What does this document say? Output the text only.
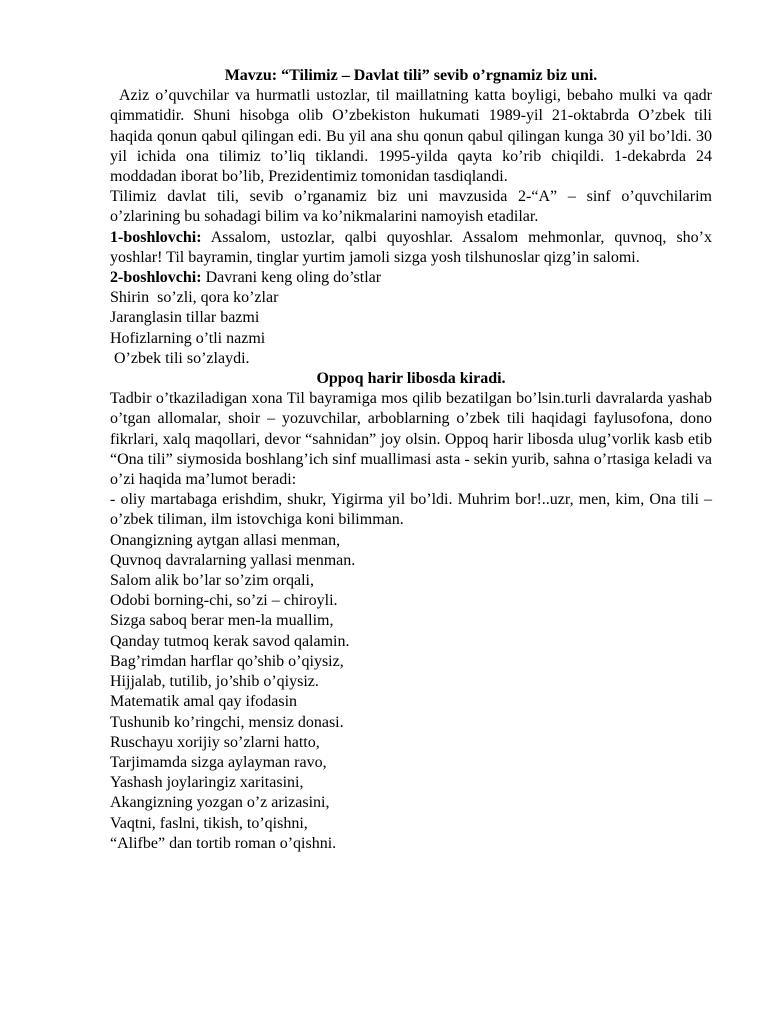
Mavzu: “Tilimiz – Davlat tili” sevib o’rgnamiz biz uni.

Aziz o’quvchilar va hurmatli ustozlar, til maillatning katta boyligi, bebaho mulki va qadr qimmatidir. Shuni hisobga olib O’zbekiston hukumati 1989-yil 21-oktabrda O’zbek tili haqida qonun qabul qilingan edi. Bu yil ana shu qonun qabul qilingan kunga 30 yil bo’ldi. 30 yil ichida ona tilimiz to’liq tiklandi. 1995-yilda qayta ko’rib chiqildi. 1-dekabrda 24 moddadan iborat bo’lib, Prezidentimiz tomonidan tasdiqlandi.

Tilimiz davlat tili, sevib o’rganamiz biz uni mavzusida 2-“A” – sinf o’quvchilarim o’zlarining bu sohadagi bilim va ko’nikmalarini namoyish etadilar.

1-boshlovchi: Assalom, ustozlar, qalbi quyoshlar. Assalom mehmonlar, quvnoq, sho’x yoshlar! Til bayramin, tinglar yurtim jamoli sizga yosh tilshunoslar qizg’in salomi.

2-boshlovchi: Davrani keng oling do’stlar

Shirin  so’zli, qora ko’zlar

Jaranglasin tillar bazmi

Hofizlarning o’tli nazmi

O’zbek tili so’zlaydi.

Oppoq harir libosda kiradi.

Tadbir o’tkaziladigan xona Til bayramiga mos qilib bezatilgan bo’lsin.turli davralarda yashab o’tgan allomalar, shoir – yozuvchilar, arboblarning o’zbek tili haqidagi faylusofona, dono fikrlari, xalq maqollari, devor “sahnidan” joy olsin. Oppoq harir libosda ulug’vorlik kasb etib “Ona tili” siymosida boshlang’ich sinf muallimasi asta - sekin yurib, sahna o’rtasiga keladi va o’zi haqida ma’lumot beradi:

- oliy martabaga erishdim, shukr, Yigirma yil bo’ldi. Muhrim bor!..uzr, men, kim, Ona tili – o’zbek tiliman, ilm istovchiga koni bilimman.

Onangizning aytgan allasi menman,

Quvnoq davralarning yallasi menman.

Salom alik bo’lar so’zim orqali,

Odobi borning-chi, so’zi – chiroyli.

Sizga saboq berar men-la muallim,

Qanday tutmoq kerak savod qalamin.

Bag’rimdan harflar qo’shib o’qiysiz,

Hijjalab, tutilib, jo’shib o’qiysiz.

Matematik amal qay ifodasin

Tushunib ko’ringchi, mensiz donasi.

Ruschayu xorijiy so’zlarni hatto,

Tarjimamda sizga aylayman ravo,

Yashash joylaringiz xaritasini,

Akangizning yozgan o’z arizasini,

Vaqtni, faslni, tikish, to’qishni,

“Alifbe” dan tortib roman o’qishni.
